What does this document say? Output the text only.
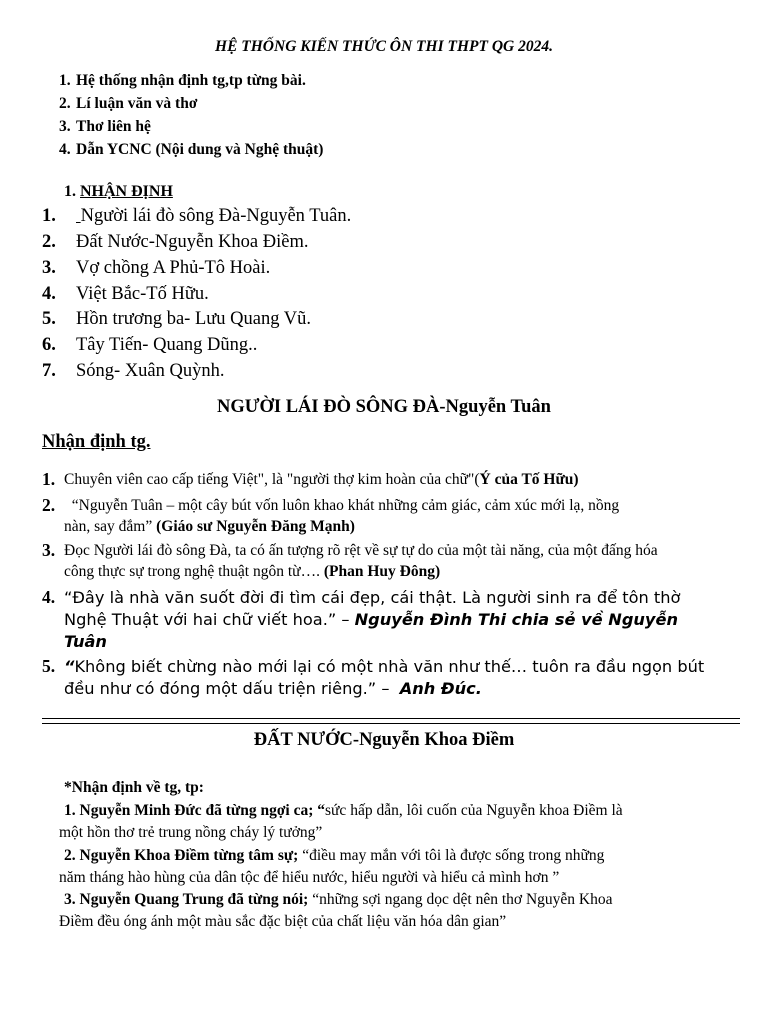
HỆ THỐNG KIẾN THỨC ÔN THI THPT QG 2024.
1. Hệ thống nhận định tg,tp từng bài.
2. Lí luận văn và thơ
3. Thơ liên hệ
4. Dẫn YCNC (Nội dung và Nghệ thuật)
1. NHẬN ĐỊNH
1. Người lái đò sông Đà-Nguyễn Tuân.
2. Đất Nước-Nguyễn Khoa Điềm.
3. Vợ chồng A Phủ-Tô Hoài.
4. Việt Bắc-Tố Hữu.
5. Hồn trương ba- Lưu Quang Vũ.
6. Tây Tiến- Quang Dũng..
7. Sóng- Xuân Quỳnh.
NGƯỜI LÁI ĐÒ SÔNG ĐÀ-Nguyễn Tuân
Nhận định tg.
1. Chuyên viên cao cấp tiếng Việt", là "người thợ kim hoàn của chữ"(Ý của Tố Hữu)
2. “Nguyễn Tuân – một cây bút vốn luôn khao khát những cảm giác, cảm xúc mới lạ, nồng
nàn, say đắm” (Giáo sư Nguyễn Đăng Mạnh)
3. Đọc Người lái đò sông Đà, ta có ấn tượng rõ rệt về sự tự do của một tài năng, của một đấng hóa
công thực sự trong nghệ thuật ngôn từ…. (Phan Huy Đông)
4. “Đây là nhà văn suốt đời đi tìm cái đẹp, cái thật. Là người sinh ra để tôn thờ
Nghệ Thuật với hai chữ viết hoa.” – Nguyễn Đình Thi chia sẻ về Nguyễn
Tuân
5. “Không biết chừng nào mới lại có một nhà văn như thế… tuôn ra đầu ngọn bút
đều như có đóng một dấu triện riêng.” –  Anh Đúc.
ĐẤT NƯỚC-Nguyễn Khoa Điềm
*Nhận định về tg, tp:
1. Nguyễn Minh Đức đã từng ngợi ca; “sức hấp dẫn, lôi cuốn của Nguyễn khoa Điềm là
một hồn thơ trẻ trung nồng cháy lý tưởng”
2. Nguyễn Khoa Điềm từng tâm sự; “điều may mắn với tôi là được sống trong những
năm tháng hào hùng của dân tộc để hiểu nước, hiểu người và hiểu cả mình hơn ”
3. Nguyễn Quang Trung đã từng nói; “những sợi ngang dọc dệt nên thơ Nguyễn Khoa
Điềm đều óng ánh một màu sắc đặc biệt của chất liệu văn hóa dân gian”
